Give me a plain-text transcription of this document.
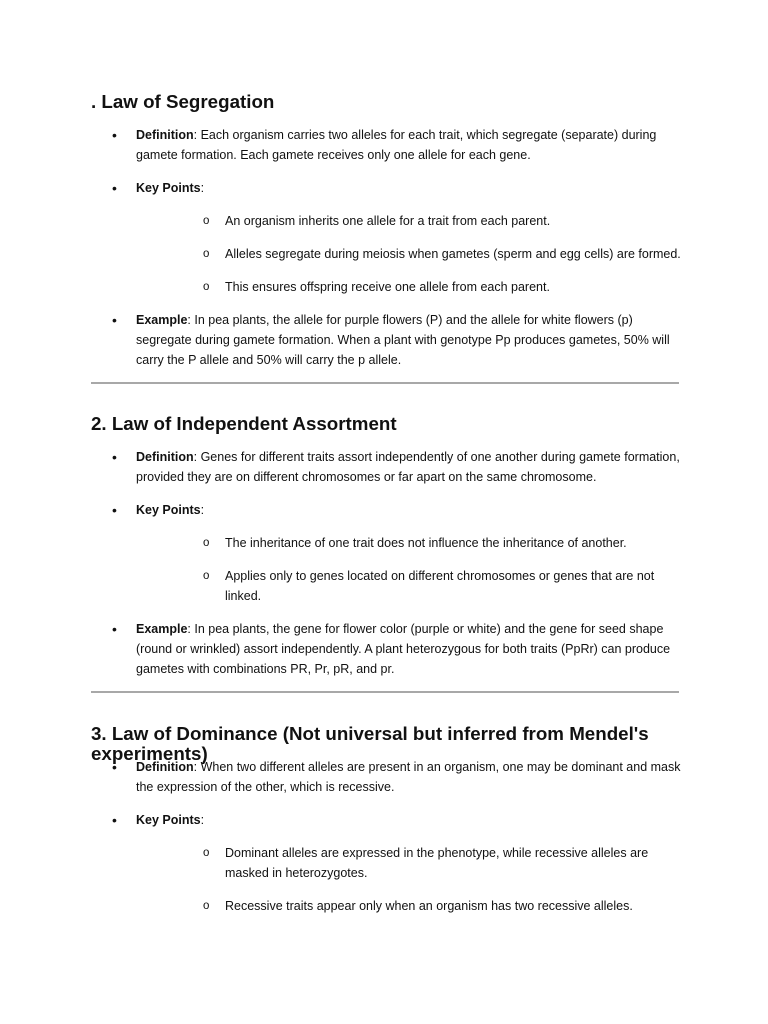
. Law of Segregation
• Definition: Each organism carries two alleles for each trait, which segregate (separate) during gamete formation. Each gamete receives only one allele for each gene.
• Key Points:
o An organism inherits one allele for a trait from each parent.
o Alleles segregate during meiosis when gametes (sperm and egg cells) are formed.
o This ensures offspring receive one allele from each parent.
• Example: In pea plants, the allele for purple flowers (P) and the allele for white flowers (p) segregate during gamete formation. When a plant with genotype Pp produces gametes, 50% will carry the P allele and 50% will carry the p allele.
2. Law of Independent Assortment
• Definition: Genes for different traits assort independently of one another during gamete formation, provided they are on different chromosomes or far apart on the same chromosome.
• Key Points:
o The inheritance of one trait does not influence the inheritance of another.
o Applies only to genes located on different chromosomes or genes that are not linked.
• Example: In pea plants, the gene for flower color (purple or white) and the gene for seed shape (round or wrinkled) assort independently. A plant heterozygous for both traits (PpRr) can produce gametes with combinations PR, Pr, pR, and pr.
3. Law of Dominance (Not universal but inferred from Mendel's experiments)
• Definition: When two different alleles are present in an organism, one may be dominant and mask the expression of the other, which is recessive.
• Key Points:
o Dominant alleles are expressed in the phenotype, while recessive alleles are masked in heterozygotes.
o Recessive traits appear only when an organism has two recessive alleles.
